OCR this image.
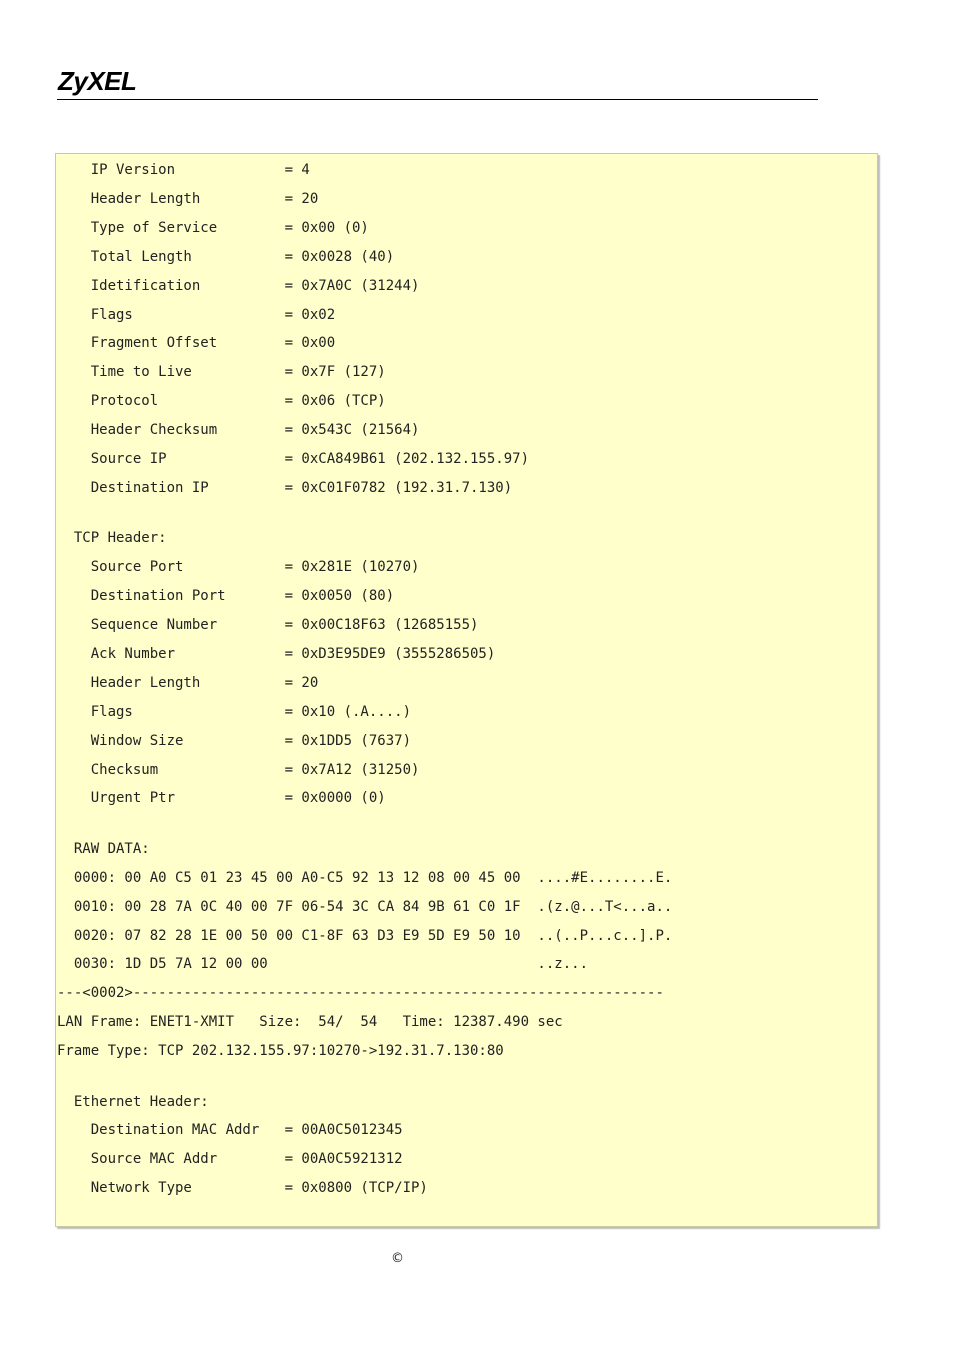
ZyXEL
IP Version             = 4
Header Length          = 20
Type of Service        = 0x00 (0)
Total Length           = 0x0028 (40)
Idetification          = 0x7A0C (31244)
Flags                  = 0x02
Fragment Offset        = 0x00
Time to Live           = 0x7F (127)
Protocol               = 0x06 (TCP)
Header Checksum        = 0x543C (21564)
Source IP              = 0xCA849B61 (202.132.155.97)
Destination IP         = 0xC01F0782 (192.31.7.130)
TCP Header:
Source Port            = 0x281E (10270)
Destination Port       = 0x0050 (80)
Sequence Number        = 0x00C18F63 (12685155)
Ack Number             = 0xD3E95DE9 (3555286505)
Header Length          = 20
Flags                  = 0x10 (.A....)
Window Size            = 0x1DD5 (7637)
Checksum               = 0x7A12 (31250)
Urgent Ptr             = 0x0000 (0)
RAW DATA:
0000: 00 A0 C5 01 23 45 00 A0-C5 92 13 12 08 00 45 00  ....#E........E.
0010: 00 28 7A 0C 40 00 7F 06-54 3C CA 84 9B 61 C0 1F  .(z.@...T<...a..
0020: 07 82 28 1E 00 50 00 C1-8F 63 D3 E9 5D E9 50 10  ..(..P...c..].P.
0030: 1D D5 7A 12 00 00                                ..z...
---<0002>---------------------------------------------------------------
LAN Frame: ENET1-XMIT   Size:  54/  54   Time: 12387.490 sec
Frame Type: TCP 202.132.155.97:10270->192.31.7.130:80
Ethernet Header:
Destination MAC Addr   = 00A0C5012345
Source MAC Addr        = 00A0C5921312
Network Type           = 0x0800 (TCP/IP)
©
